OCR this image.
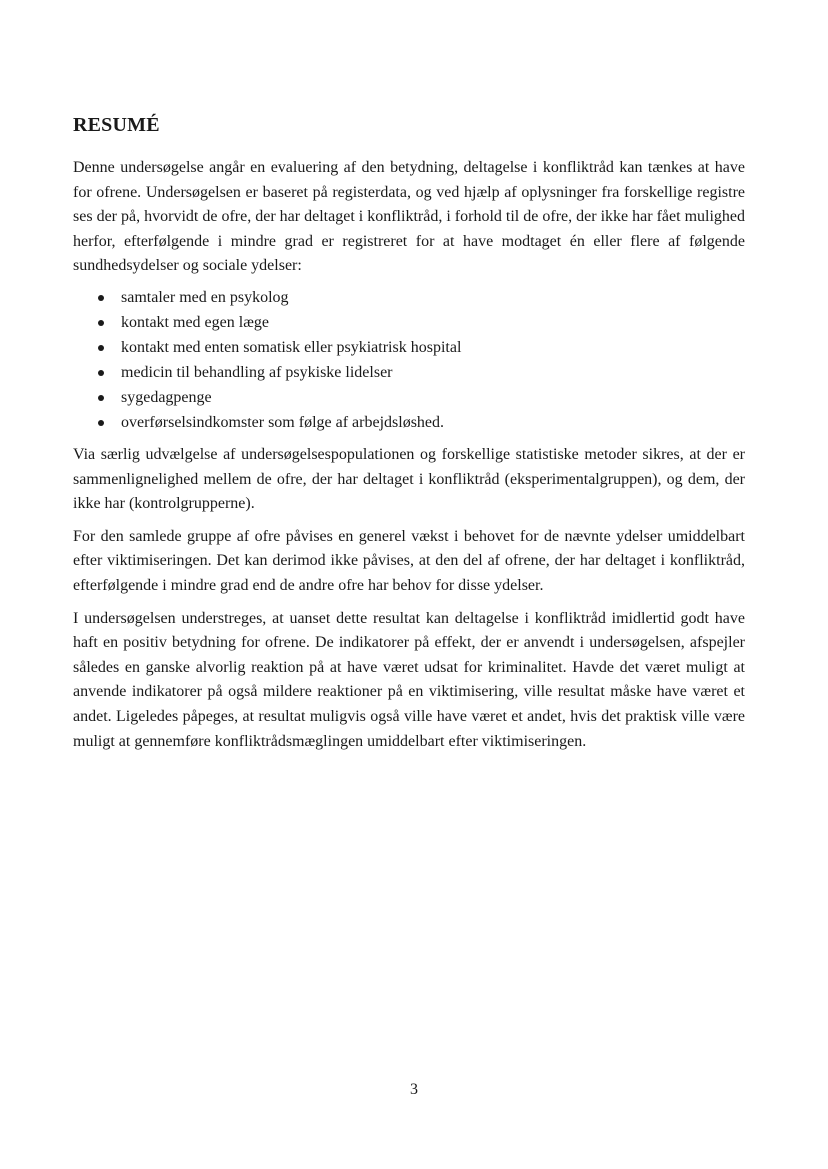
RESUMÉ

Denne undersøgelse angår en evaluering af den betydning, deltagelse i konfliktråd kan tænkes at have for ofrene. Undersøgelsen er baseret på registerdata, og ved hjælp af oplysninger fra forskellige registre ses der på, hvorvidt de ofre, der har deltaget i konfliktråd, i forhold til de ofre, der ikke har fået mulighed herfor, efterfølgende i mindre grad er registreret for at have modtaget én eller flere af følgende sundhedsydelser og sociale ydelser:

samtaler med en psykolog
kontakt med egen læge
kontakt med enten somatisk eller psykiatrisk hospital
medicin til behandling af psykiske lidelser
sygedagpenge
overførselsindkomster som følge af arbejdsløshed.

Via særlig udvælgelse af undersøgelsespopulationen og forskellige statistiske metoder sikres, at der er sammenlignelighed mellem de ofre, der har deltaget i konfliktråd (eksperimentalgruppen), og dem, der ikke har (kontrolgrupperne).

For den samlede gruppe af ofre påvises en generel vækst i behovet for de nævnte ydelser umiddelbart efter viktimiseringen. Det kan derimod ikke påvises, at den del af ofrene, der har deltaget i konfliktråd, efterfølgende i mindre grad end de andre ofre har behov for disse ydelser.

I undersøgelsen understreges, at uanset dette resultat kan deltagelse i konfliktråd imidlertid godt have haft en positiv betydning for ofrene. De indikatorer på effekt, der er anvendt i undersøgelsen, afspejler således en ganske alvorlig reaktion på at have været udsat for kriminalitet. Havde det været muligt at anvende indikatorer på også mildere reaktioner på en viktimisering, ville resultat måske have været et andet. Ligeledes påpeges, at resultat muligvis også ville have været et andet, hvis det praktisk ville være muligt at gennemføre konfliktrådsmæglingen umiddelbart efter viktimiseringen.

3
